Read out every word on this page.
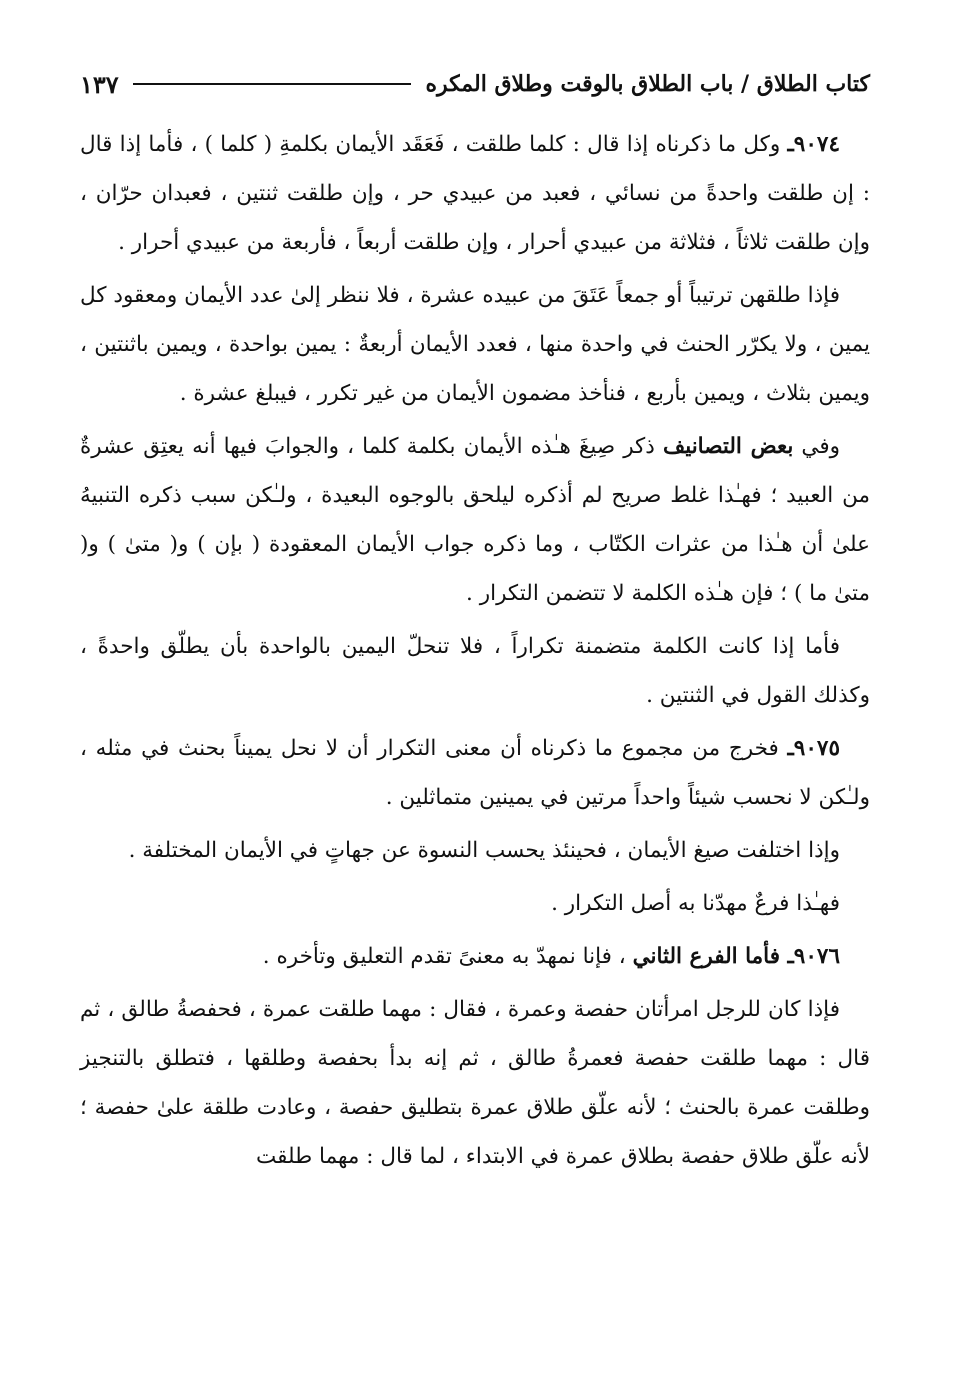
كتاب الطلاق / باب الطلاق بالوقت وطلاق المكره
١٣٧

٩٠٧٤ـ وكل ما ذكرناه إذا قال : كلما طلقت ، فَعَقَد الأيمان بكلمةِ ( كلما ) ، فأما إذا قال : إن طلقت واحدةً من نسائي ، فعبد من عبيدي حر ، وإن طلقت ثنتين ، فعبدان حرّان ، وإن طلقت ثلاثاً ، فثلاثة من عبيدي أحرار ، وإن طلقت أربعاً ، فأربعة من عبيدي أحرار .

فإذا طلقهن ترتيباً أو جمعاً عَتَقَ من عبيده عشرة ، فلا ننظر إلىٰ عدد الأيمان ومعقود كل يمين ، ولا يكرّر الحنث في واحدة منها ، فعدد الأيمان أربعةٌ : يمين بواحدة ، ويمين باثنتين ، ويمين بثلاث ، ويمين بأربع ، فنأخذ مضمون الأيمان من غير تكرر ، فيبلغ عشرة .

وفي بعض التصانيف ذكر صِيغَ هـٰذه الأيمان بكلمة كلما ، والجوابَ فيها أنه يعتِق عشرةٌ من العبيد ؛ فهـٰذا غلط صريح لم أذكره ليلحق بالوجوه البعيدة ، ولـٰكن سبب ذكره التنبيهُ علىٰ أن هـٰذا من عثرات الكتّاب ، وما ذكره جواب الأيمان المعقودة ( بإن ) و( متىٰ ) و( متىٰ ما ) ؛ فإن هـٰذه الكلمة لا تتضمن التكرار .

فأما إذا كانت الكلمة متضمنة تكراراً ، فلا تنحلّ اليمين بالواحدة بأن يطلّق واحدةً ، وكذلك القول في الثنتين .

٩٠٧٥ـ فخرج من مجموع ما ذكرناه أن معنى التكرار أن لا نحل يميناً بحنث في مثله ، ولـٰكن لا نحسب شيئاً واحداً مرتين في يمينين متماثلين .

وإذا اختلفت صيغ الأيمان ، فحينئذ يحسب النسوة عن جهاتٍ في الأيمان المختلفة .

فهـٰذا فرعٌ مهدّنا به أصل التكرار .

٩٠٧٦ـ فأما الفرع الثاني ، فإنا نمهدّ به معنىً تقدم التعليق وتأخره .

فإذا كان للرجل امرأتان حفصة وعمرة ، فقال : مهما طلقت عمرة ، فحفصةُ طالق ، ثم قال : مهما طلقت حفصة فعمرةُ طالق ، ثم إنه بدأ بحفصة وطلقها ، فتطلق بالتنجيز وطلقت عمرة بالحنث ؛ لأنه علّق طلاق عمرة بتطليق حفصة ، وعادت طلقة علىٰ حفصة ؛ لأنه علّق طلاق حفصة بطلاق عمرة في الابتداء ، لما قال : مهما طلقت
